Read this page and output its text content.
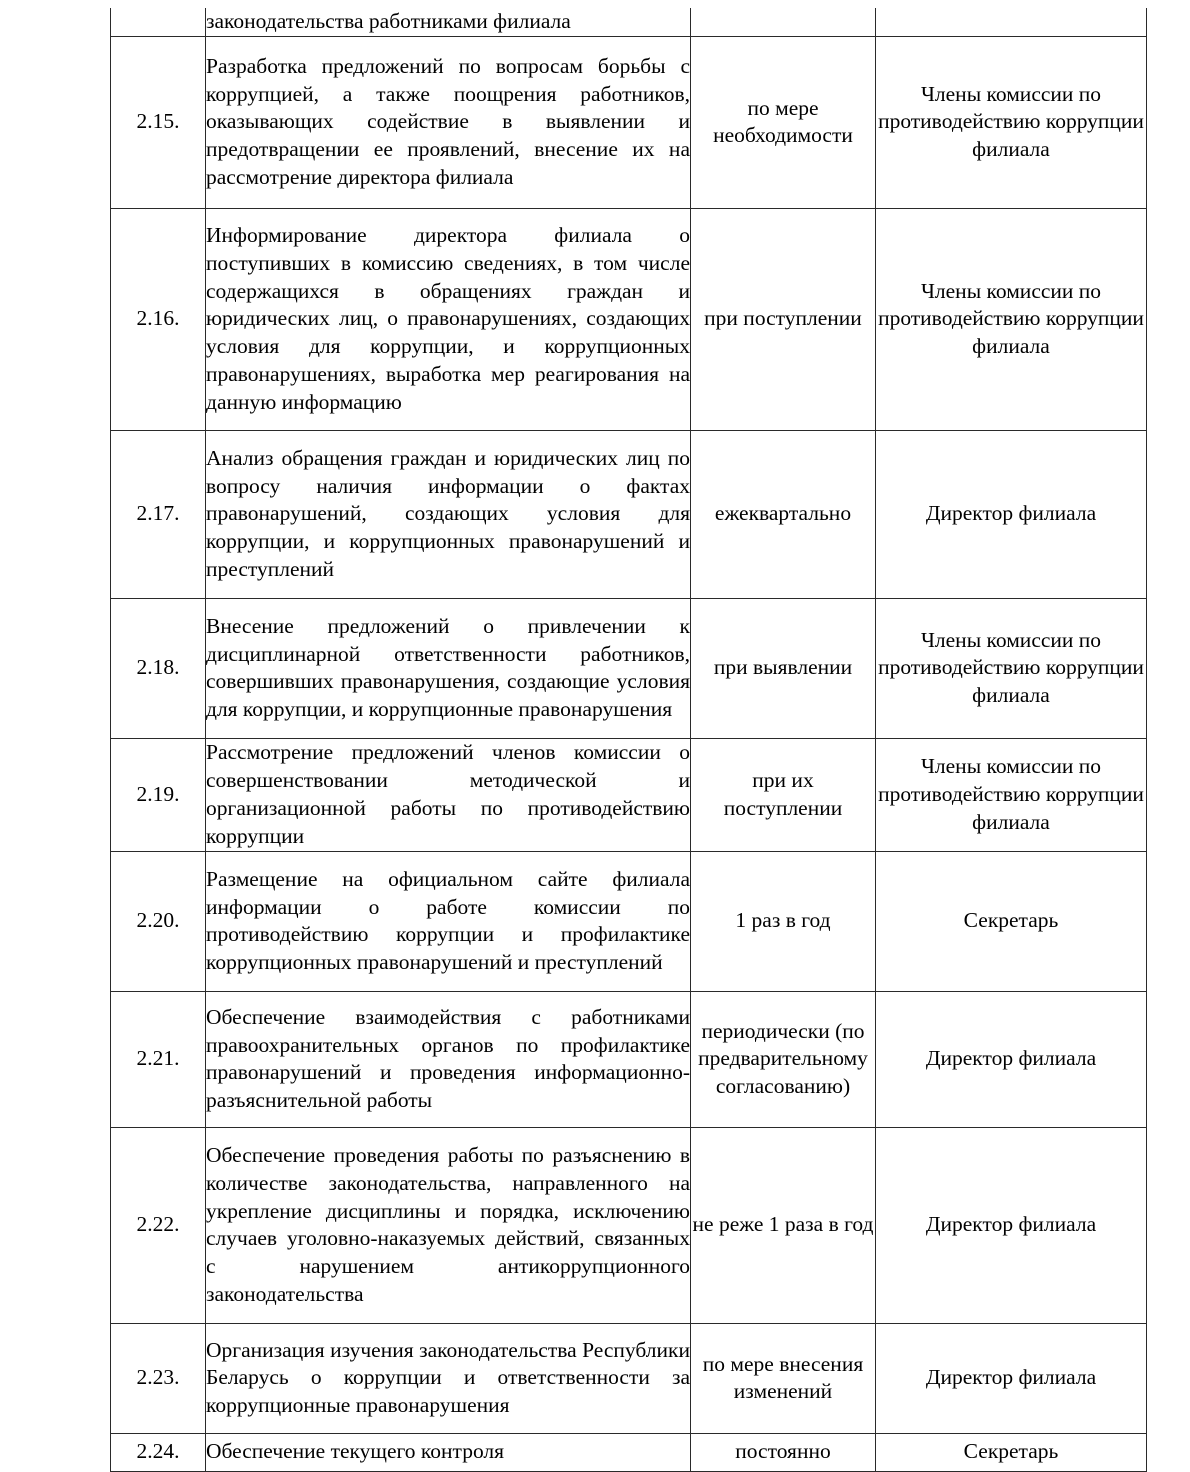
	законодательства работниками филиала		
2.15.	Разработка предложений по вопросам борьбы с коррупцией, а также поощрения работников, оказывающих содействие в выявлении и предотвращении ее проявлений, внесение их на рассмотрение директора филиала	по мере необходимости	Члены комиссии по противодействию коррупции филиала
2.16.	Информирование директора филиала о поступивших в комиссию сведениях, в том числе содержащихся в обращениях граждан и юридических лиц, о правонарушениях, создающих условия для коррупции, и коррупционных правонарушениях, выработка мер реагирования на данную информацию	при поступлении	Члены комиссии по противодействию коррупции филиала
2.17.	Анализ обращения граждан и юридических лиц по вопросу наличия информации о фактах правонарушений, создающих условия для коррупции, и коррупционных правонарушений и преступлений	ежеквартально	Директор филиала
2.18.	Внесение предложений о привлечении к дисциплинарной ответственности работников, совершивших правонарушения, создающие условия для коррупции, и коррупционные правонарушения	при выявлении	Члены комиссии по противодействию коррупции филиала
2.19.	Рассмотрение предложений членов комиссии о совершенствовании методической и организационной работы по противодействию коррупции	при их поступлении	Члены комиссии по противодействию коррупции филиала
2.20.	Размещение на официальном сайте филиала информации о работе комиссии по противодействию коррупции и профилактике коррупционных правонарушений и преступлений	1 раз в год	Секретарь
2.21.	Обеспечение взаимодействия с работниками правоохранительных органов по профилактике правонарушений и проведения информационно-разъяснительной работы	периодически (по предварительному согласованию)	Директор филиала
2.22.	Обеспечение проведения работы по разъяснению в количестве законодательства, направленного на укрепление дисциплины и порядка, исключению случаев уголовно-наказуемых действий, связанных с нарушением антикоррупционного законодательства	не реже 1 раза в год	Директор филиала
2.23.	Организация изучения законодательства Республики Беларусь о коррупции и ответственности за коррупционные правонарушения	по мере внесения изменений	Директор филиала
2.24.	Обеспечение текущего контроля	постоянно	Секретарь
